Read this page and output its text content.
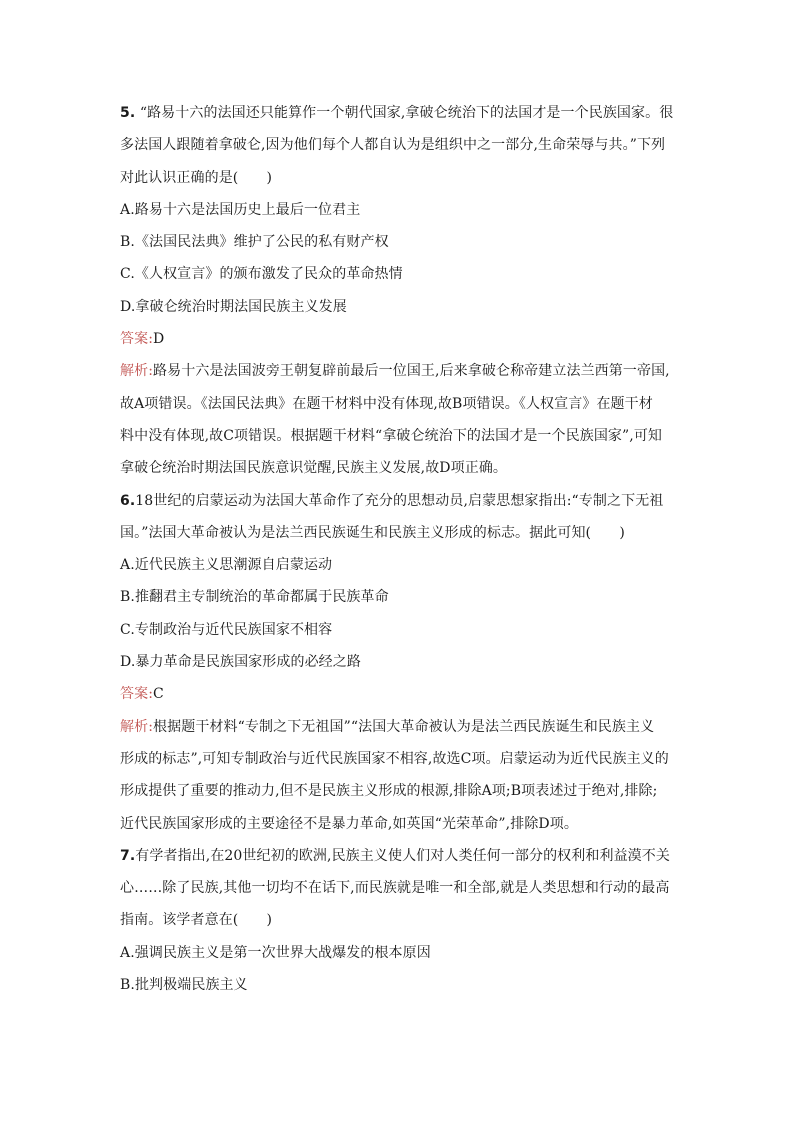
5. “路易十六的法国还只能算作一个朝代国家,拿破仑统治下的法国才是一个民族国家。很
多法国人跟随着拿破仑,因为他们每个人都自认为是组织中之一部分,生命荣辱与共。”下列
对此认识正确的是(　　)
A.路易十六是法国历史上最后一位君主
B.《法国民法典》维护了公民的私有财产权
C.《人权宣言》的颁布激发了民众的革命热情
D.拿破仑统治时期法国民族主义发展
答案:D
解析:路易十六是法国波旁王朝复辟前最后一位国王,后来拿破仑称帝建立法兰西第一帝国,
故A项错误。《法国民法典》在题干材料中没有体现,故B项错误。《人权宣言》在题干材
料中没有体现,故C项错误。根据题干材料“拿破仑统治下的法国才是一个民族国家”,可知
拿破仑统治时期法国民族意识觉醒,民族主义发展,故D项正确。
6.18世纪的启蒙运动为法国大革命作了充分的思想动员,启蒙思想家指出:“专制之下无祖
国。”法国大革命被认为是法兰西民族诞生和民族主义形成的标志。据此可知(　　)
A.近代民族主义思潮源自启蒙运动
B.推翻君主专制统治的革命都属于民族革命
C.专制政治与近代民族国家不相容
D.暴力革命是民族国家形成的必经之路
答案:C
解析:根据题干材料“专制之下无祖国”“法国大革命被认为是法兰西民族诞生和民族主义
形成的标志”,可知专制政治与近代民族国家不相容,故选C项。启蒙运动为近代民族主义的
形成提供了重要的推动力,但不是民族主义形成的根源,排除A项;B项表述过于绝对,排除;
近代民族国家形成的主要途径不是暴力革命,如英国“光荣革命”,排除D项。
7.有学者指出,在20世纪初的欧洲,民族主义使人们对人类任何一部分的权利和利益漠不关
心……除了民族,其他一切均不在话下,而民族就是唯一和全部,就是人类思想和行动的最高
指南。该学者意在(　　)
A.强调民族主义是第一次世界大战爆发的根本原因
B.批判极端民族主义
